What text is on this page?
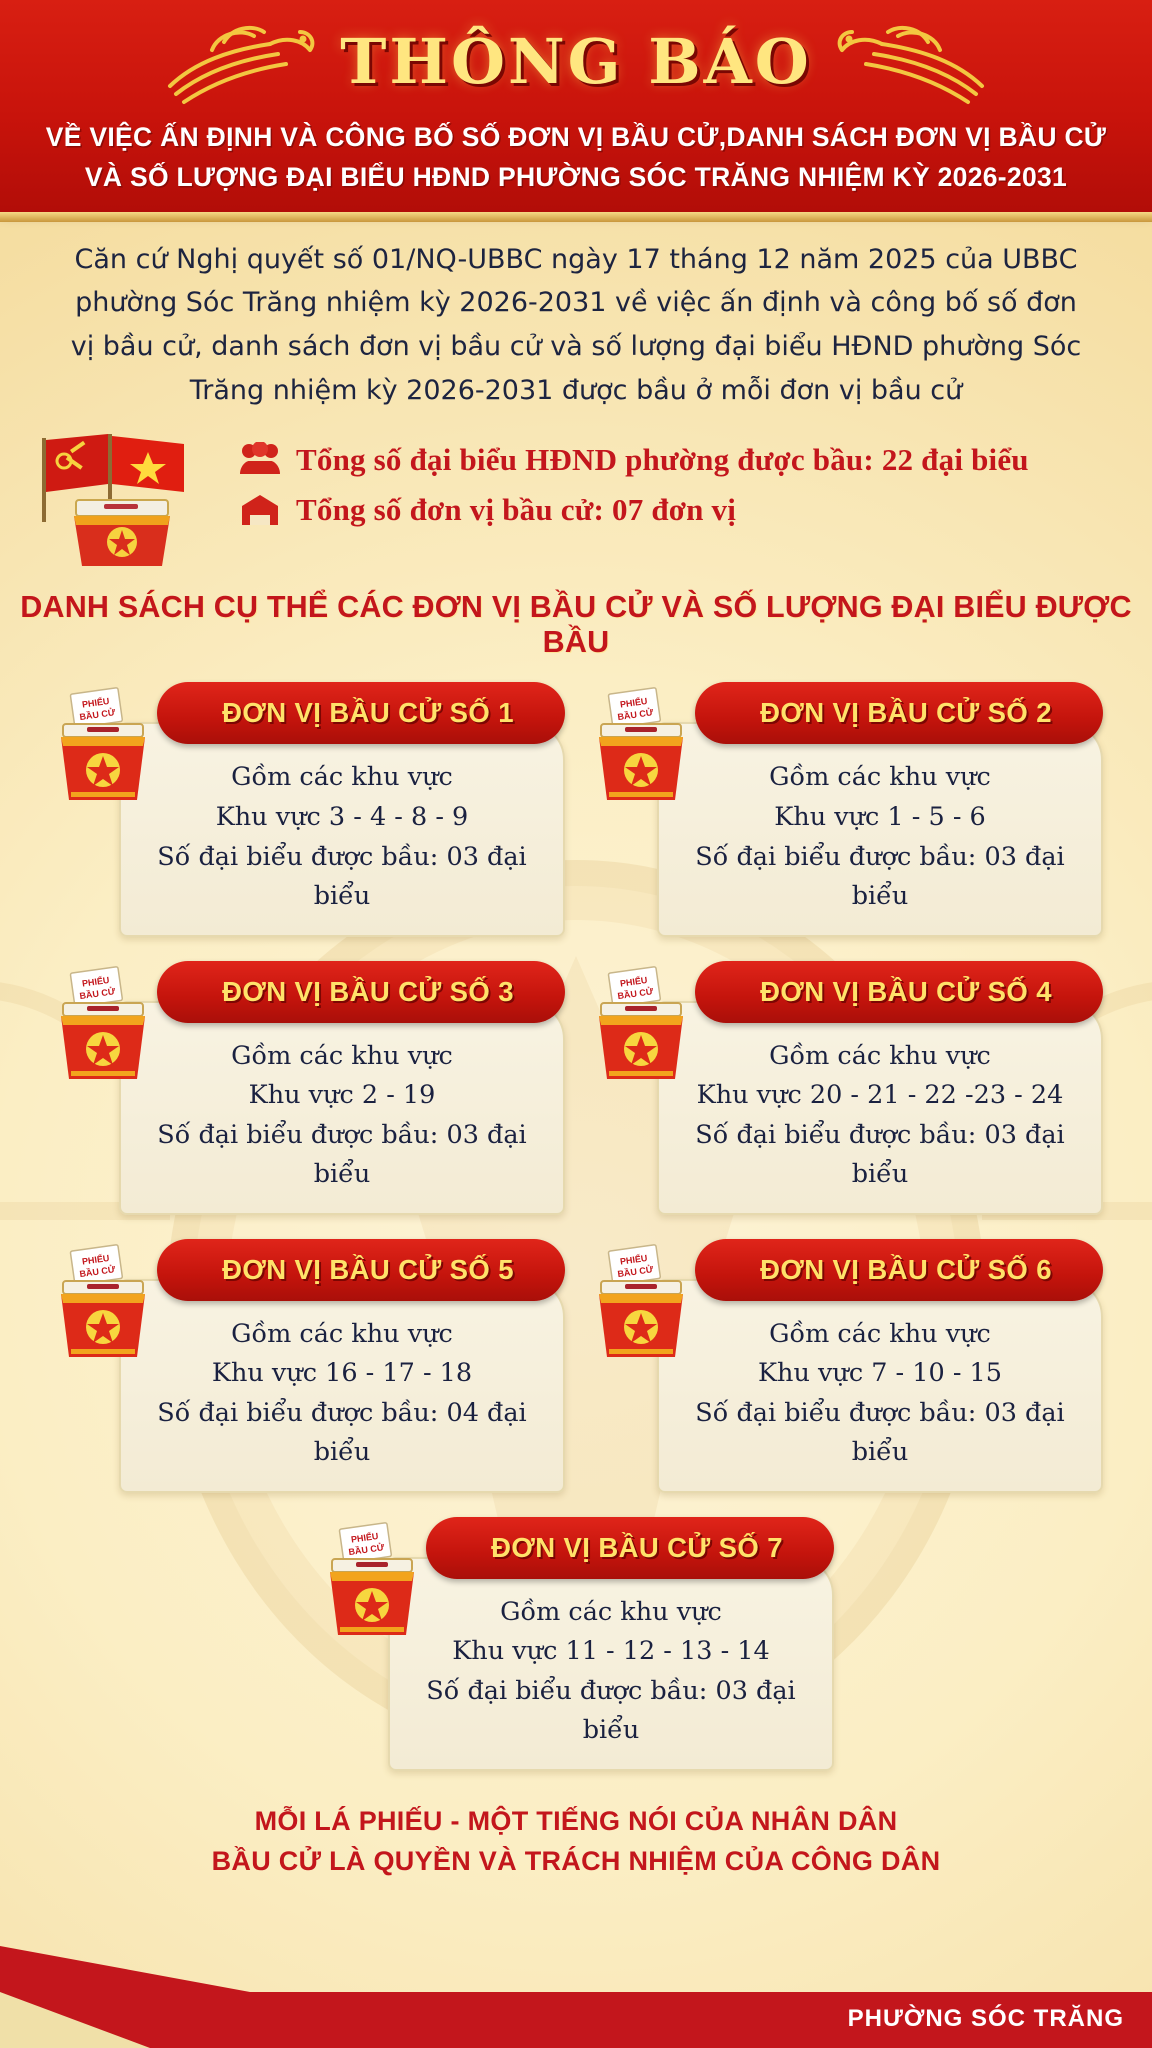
THÔNG BÁO
VỀ VIỆC ẤN ĐỊNH VÀ CÔNG BỐ SỐ ĐƠN VỊ BẦU CỬ,DANH SÁCH ĐƠN VỊ BẦU CỬ
VÀ SỐ LƯỢNG ĐẠI BIỂU HĐND PHƯỜNG SÓC TRĂNG NHIỆM KỲ 2026-2031
Căn cứ Nghị quyết số 01/NQ-UBBC ngày 17 tháng 12 năm 2025 của UBBC phường Sóc Trăng nhiệm kỳ 2026-2031 về việc ấn định và công bố số đơn vị bầu cử, danh sách đơn vị bầu cử và số lượng đại biểu HĐND phường Sóc Trăng nhiệm kỳ 2026-2031 được bầu ở mỗi đơn vị bầu cử
Tổng số đại biểu HĐND phường được bầu: 22 đại biểu
Tổng số đơn vị bầu cử: 07 đơn vị
DANH SÁCH CỤ THỂ CÁC ĐƠN VỊ BẦU CỬ VÀ SỐ LƯỢNG ĐẠI BIỂU ĐƯỢC BẦU
PHIẾU
BẦU CỬ	ĐƠN VỊ BẦU CỬ SỐ 1
Gồm các khu vực
Khu vực 3 - 4 - 8 - 9
Số đại biểu được bầu: 03 đại biểu
PHIẾU
BẦU CỬ	ĐƠN VỊ BẦU CỬ SỐ 2
Gồm các khu vực
Khu vực 1 - 5 - 6
Số đại biểu được bầu: 03 đại biểu
PHIẾU
BẦU CỬ	ĐƠN VỊ BẦU CỬ SỐ 3
Gồm các khu vực
Khu vực 2 - 19
Số đại biểu được bầu: 03 đại biểu
PHIẾU
BẦU CỬ	ĐƠN VỊ BẦU CỬ SỐ 4
Gồm các khu vực
Khu vực 20 - 21 - 22 -23 - 24
Số đại biểu được bầu: 03 đại biểu
PHIẾU
BẦU CỬ	ĐƠN VỊ BẦU CỬ SỐ 5
Gồm các khu vực
Khu vực 16 - 17 - 18
Số đại biểu được bầu: 04 đại biểu
PHIẾU
BẦU CỬ	ĐƠN VỊ BẦU CỬ SỐ 6
Gồm các khu vực
Khu vực 7 - 10 - 15
Số đại biểu được bầu: 03 đại biểu
PHIẾU
BẦU CỬ	ĐƠN VỊ BẦU CỬ SỐ 7
Gồm các khu vực
Khu vực 11 - 12 - 13 - 14
Số đại biểu được bầu: 03 đại biểu
MỖI LÁ PHIẾU - MỘT TIẾNG NÓI CỦA NHÂN DÂN
BẦU CỬ LÀ QUYỀN VÀ TRÁCH NHIỆM CỦA CÔNG DÂN
PHƯỜNG SÓC TRĂNG
